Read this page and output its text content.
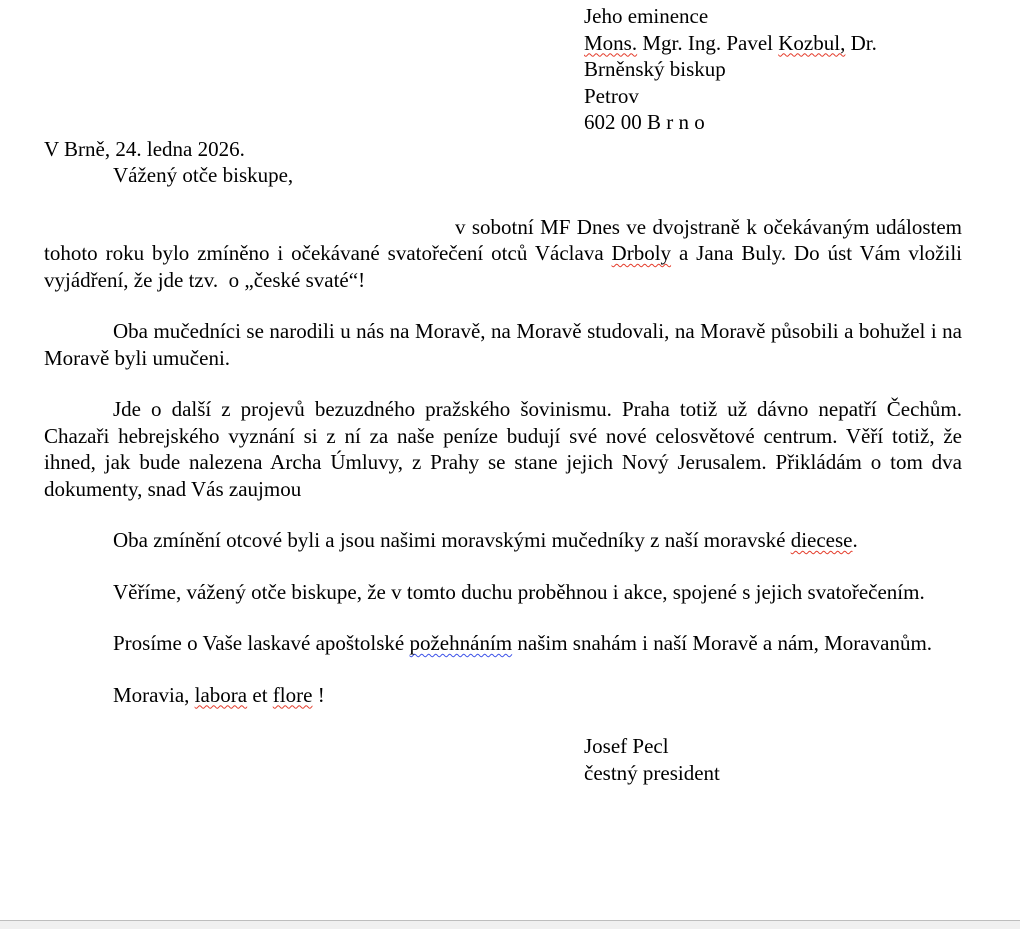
Jeho eminence
Mons. Mgr. Ing. Pavel Kozbul, Dr.
Brněnský biskup
Petrov
602 00 B r n o

V Brně, 24. ledna 2026.

Vážený otče biskupe,

v sobotní MF Dnes ve dvojstraně k očekávaným událostem tohoto roku bylo zmíněno i očekávané svatořečení otců Václava Drboly a Jana Buly. Do úst Vám vložili vyjádření, že jde tzv.  o „české svaté“!

Oba mučedníci se narodili u nás na Moravě, na Moravě studovali, na Moravě působili a bohužel i na Moravě byli umučeni.

Jde o další z projevů bezuzdného pražského šovinismu. Praha totiž už dávno nepatří Čechům. Chazaři hebrejského vyznání si z ní za naše peníze budují své nové celosvětové centrum. Věří totiž, že ihned, jak bude nalezena Archa Úmluvy, z Prahy se stane jejich Nový Jerusalem. Přikládám o tom dva dokumenty, snad Vás zaujmou

Oba zmínění otcové byli a jsou našimi moravskými mučedníky z naší moravské diecese.

Věříme, vážený otče biskupe, že v tomto duchu proběhnou i akce, spojené s jejich svatořečením.

Prosíme o Vaše laskavé apoštolské požehnáním našim snahám i naší Moravě a nám, Moravanům.

Moravia, labora et flore !

Josef Pecl
čestný president
